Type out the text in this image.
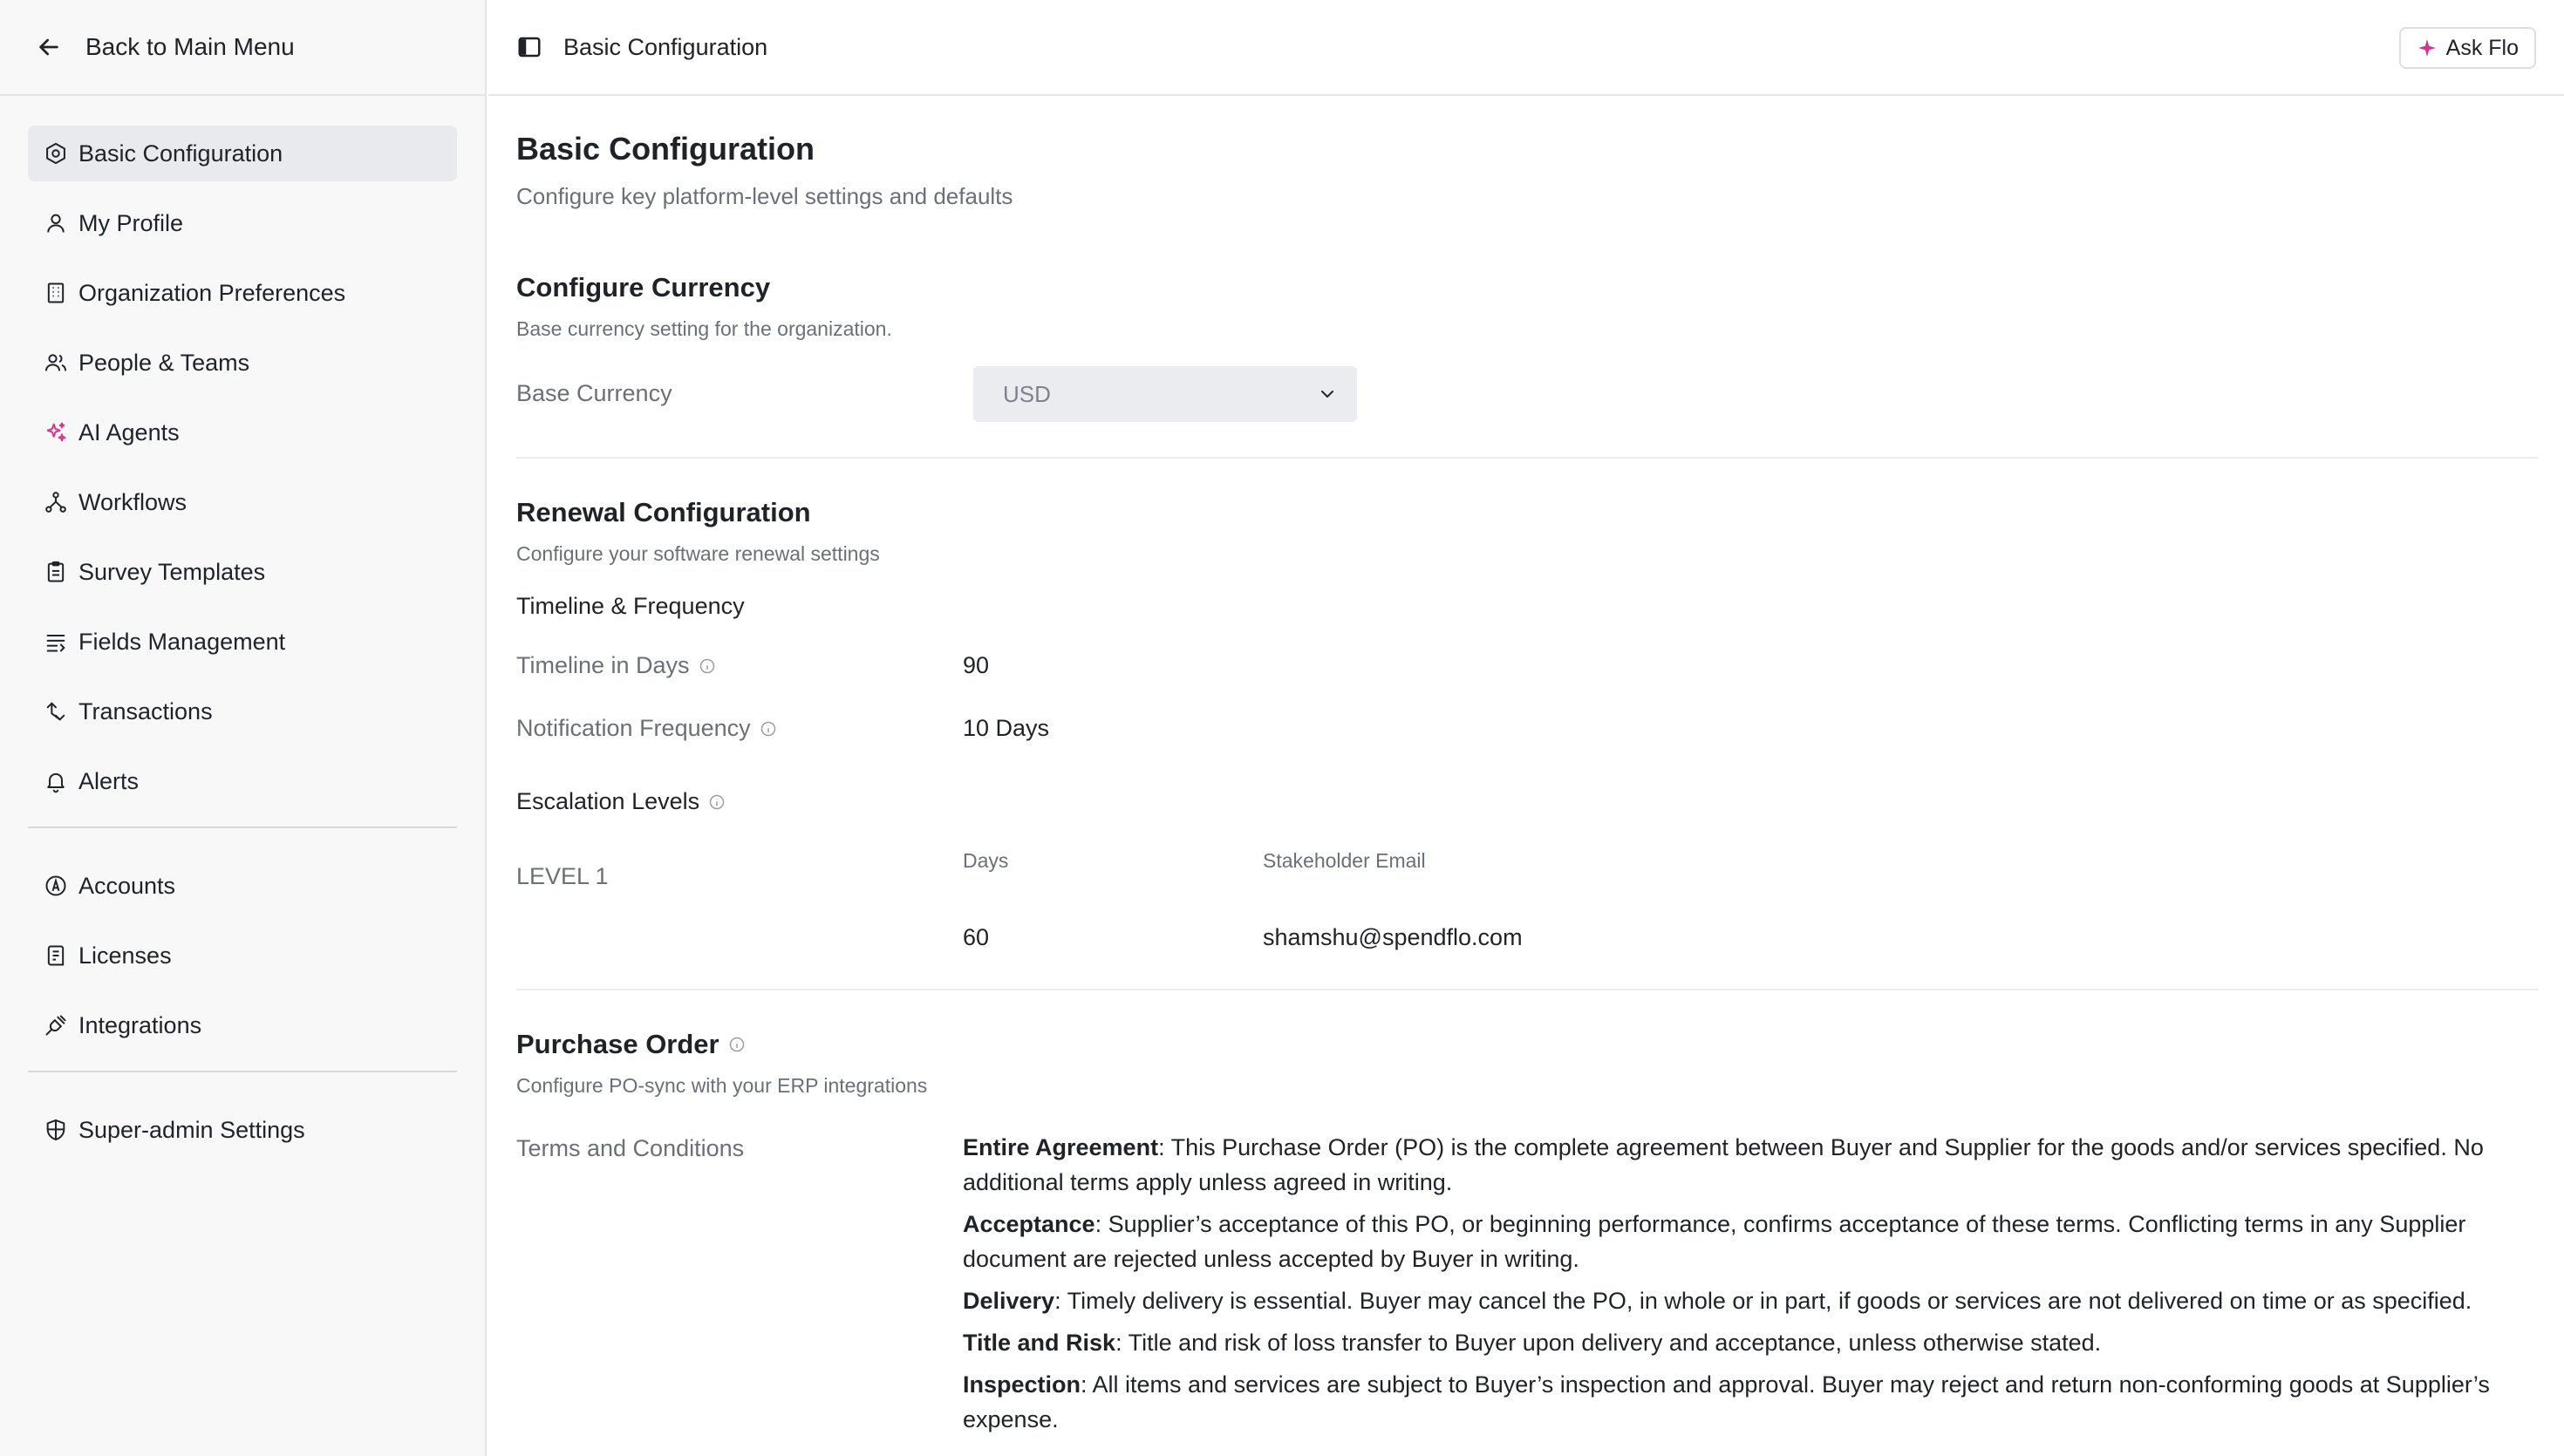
Back to Main Menu
Basic Configuration
My Profile
Organization Preferences
People & Teams
AI Agents
Workflows
Survey Templates
Fields Management
Transactions
Alerts
Accounts
Licenses
Integrations
Super-admin Settings
Basic Configuration	Ask Flo
Basic Configuration

Configure key platform-level settings and defaults

Configure Currency

Base currency setting for the organization.

Base Currency	USD
Renewal Configuration

Configure your software renewal settings

Timeline & Frequency
Timeline in Days	90
Notification Frequency	10 Days
Escalation Levels
Days	Stakeholder Email
LEVEL 1
60	shamshu@spendflo.com
Purchase Order

Configure PO-sync with your ERP integrations

Terms and Conditions	Entire Agreement: This Purchase Order (PO) is the complete agreement between Buyer and Supplier for the goods and/or services specified. No additional terms apply unless agreed in writing.

Acceptance: Supplier’s acceptance of this PO, or beginning performance, confirms acceptance of these terms. Conflicting terms in any Supplier document are rejected unless accepted by Buyer in writing.

Delivery: Timely delivery is essential. Buyer may cancel the PO, in whole or in part, if goods or services are not delivered on time or as specified.

Title and Risk: Title and risk of loss transfer to Buyer upon delivery and acceptance, unless otherwise stated.

Inspection: All items and services are subject to Buyer’s inspection and approval. Buyer may reject and return non-conforming goods at Supplier’s expense.
